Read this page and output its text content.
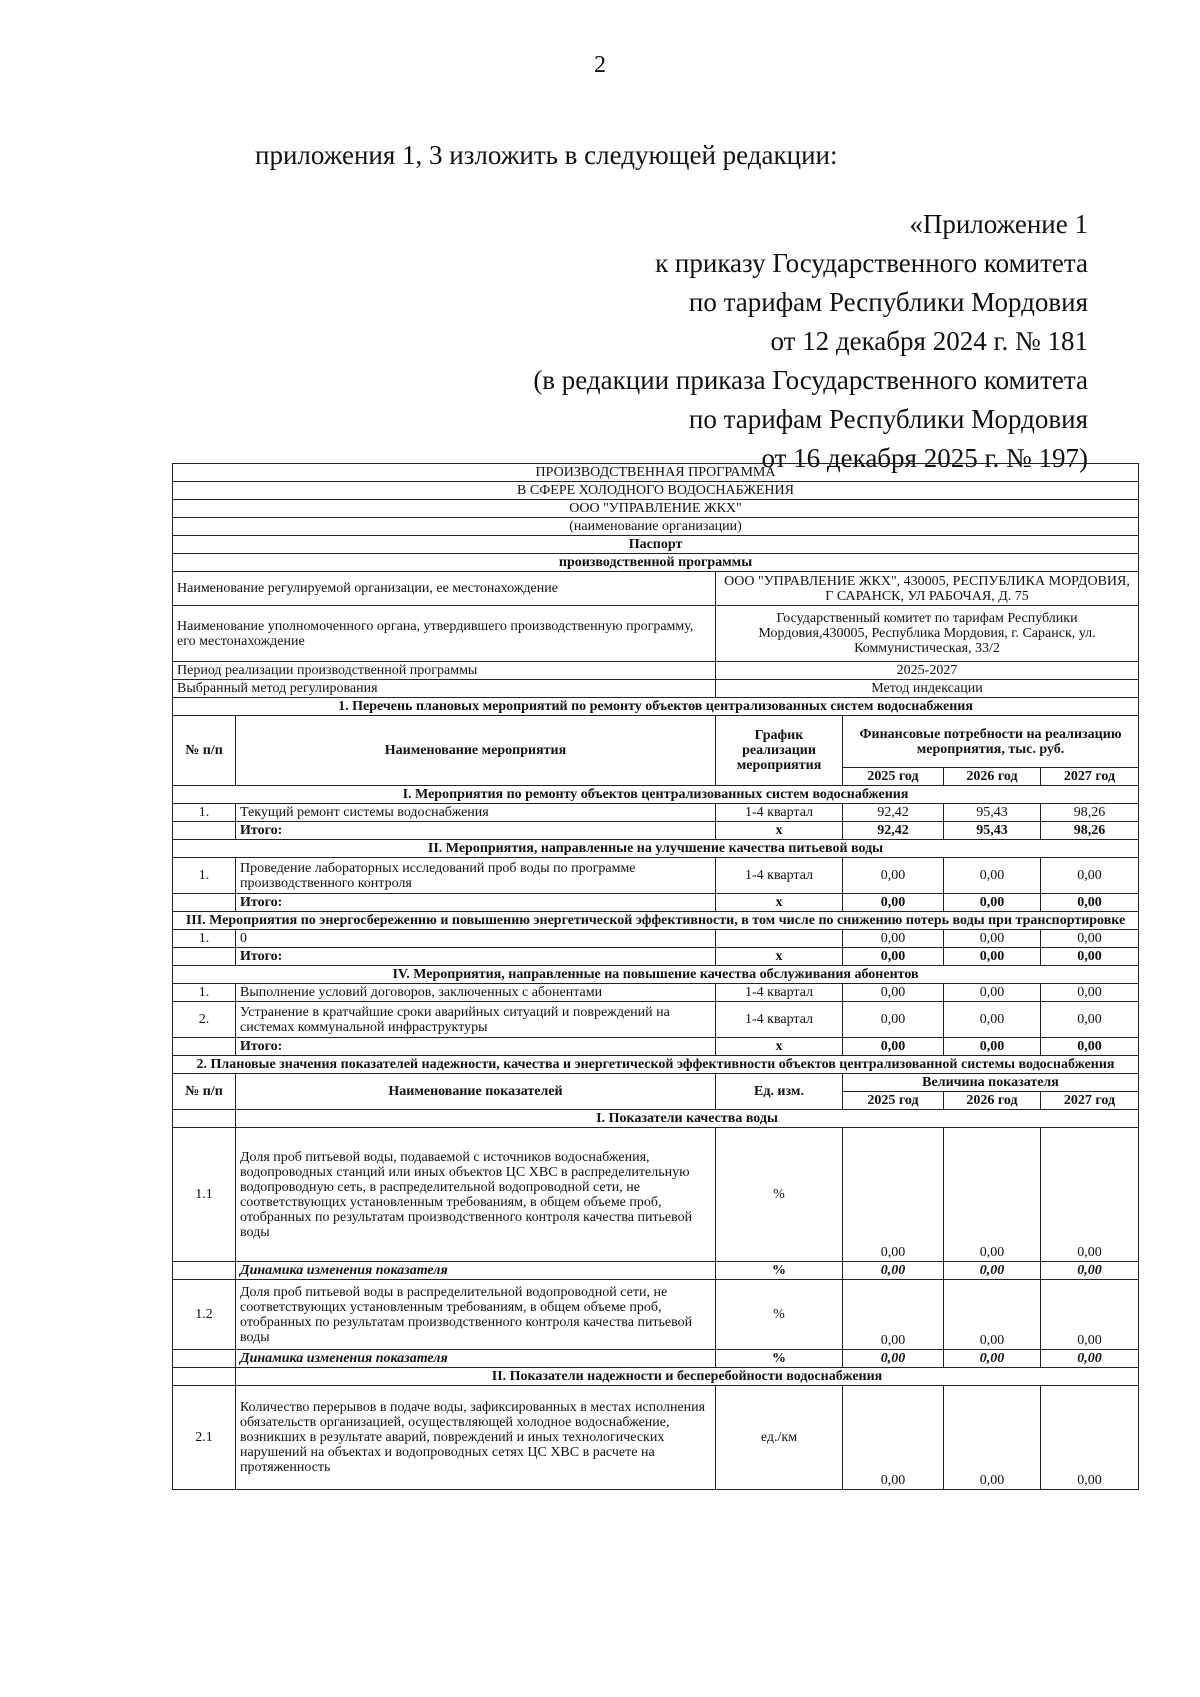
2
приложения 1, 3 изложить в следующей редакции:
«Приложение 1
к приказу Государственного комитета
по тарифам Республики Мордовия
от 12 декабря 2024 г. № 181
(в редакции приказа Государственного комитета
по тарифам Республики Мордовия
от 16 декабря 2025 г. № 197)
ПРОИЗВОДСТВЕННАЯ ПРОГРАММА					
В СФЕРЕ ХОЛОДНОГО ВОДОСНАБЖЕНИЯ					
ООО "УПРАВЛЕНИЕ ЖКХ"					
(наименование организации)					
Паспорт					
производственной программы					
Наименование регулируемой организации, ее местонахождение		ООО "УПРАВЛЕНИЕ ЖКХ", 430005, РЕСПУБЛИКА МОРДОВИЯ, Г САРАНСК, УЛ РАБОЧАЯ, Д. 75			
Наименование уполномоченного органа, утвердившего производственную программу, его местонахождение		Государственный комитет по тарифам Республики Мордовия,430005, Республика Мордовия, г. Саранск, ул. Коммунистическая, 33/2			
Период реализации производственной программы		2025-2027			
Выбранный метод регулирования		Метод индексации			
1. Перечень плановых мероприятий по ремонту объектов централизованных систем водоснабжения					
№ п/п	Наименование мероприятия	График реализации мероприятия	Финансовые потребности на реализацию мероприятия, тыс. руб.		
			2025 год	2026 год	2027 год
I. Мероприятия по ремонту объектов централизованных систем водоснабжения					
1.	Текущий ремонт системы водоснабжения	1-4 квартал	92,42	95,43	98,26
	Итого:	x	92,42	95,43	98,26
II. Мероприятия, направленные на улучшение качества питьевой воды					
1.	Проведение лабораторных исследований проб воды по программе производственного контроля	1-4 квартал	0,00	0,00	0,00
	Итого:	x	0,00	0,00	0,00
III. Мероприятия по энергосбережению и повышению энергетической эффективности, в том числе по снижению потерь воды при транспортировке					
1.	0		0,00	0,00	0,00
	Итого:	x	0,00	0,00	0,00
IV. Мероприятия, направленные на повышение качества обслуживания абонентов					
1.	Выполнение условий договоров, заключенных с абонентами	1-4 квартал	0,00	0,00	0,00
2.	Устранение в кратчайшие сроки аварийных ситуаций и повреждений на системах коммунальной инфраструктуры	1-4 квартал	0,00	0,00	0,00
	Итого:	x	0,00	0,00	0,00
2. Плановые значения показателей надежности, качества и энергетической эффективности объектов централизованной системы водоснабжения					
№ п/п	Наименование показателей	Ед. изм.	Величина показателя		
			2025 год	2026 год	2027 год
	I. Показатели качества воды				
1.1	Доля проб питьевой воды, подаваемой с источников водоснабжения, водопроводных станций или иных объектов ЦС ХВС в распределительную водопроводную сеть, в распределительной водопроводной сети, не соответствующих установленным требованиям, в общем объеме проб, отобранных по результатам производственного контроля качества питьевой воды	%	0,00	0,00	0,00
	Динамика изменения показателя	%	0,00	0,00	0,00
1.2	Доля проб питьевой воды в распределительной водопроводной сети, не соответствующих установленным требованиям, в общем объеме проб, отобранных по результатам производственного контроля качества питьевой воды	%	0,00	0,00	0,00
	Динамика изменения показателя	%	0,00	0,00	0,00
	II. Показатели надежности и бесперебойности водоснабжения				
2.1	Количество перерывов в подаче воды, зафиксированных в местах исполнения обязательств организацией, осуществляющей холодное водоснабжение, возникших в результате аварий, повреждений и иных технологических нарушений на объектах и водопроводных сетях ЦС ХВС в расчете на протяженность	ед./км	0,00	0,00	0,00
